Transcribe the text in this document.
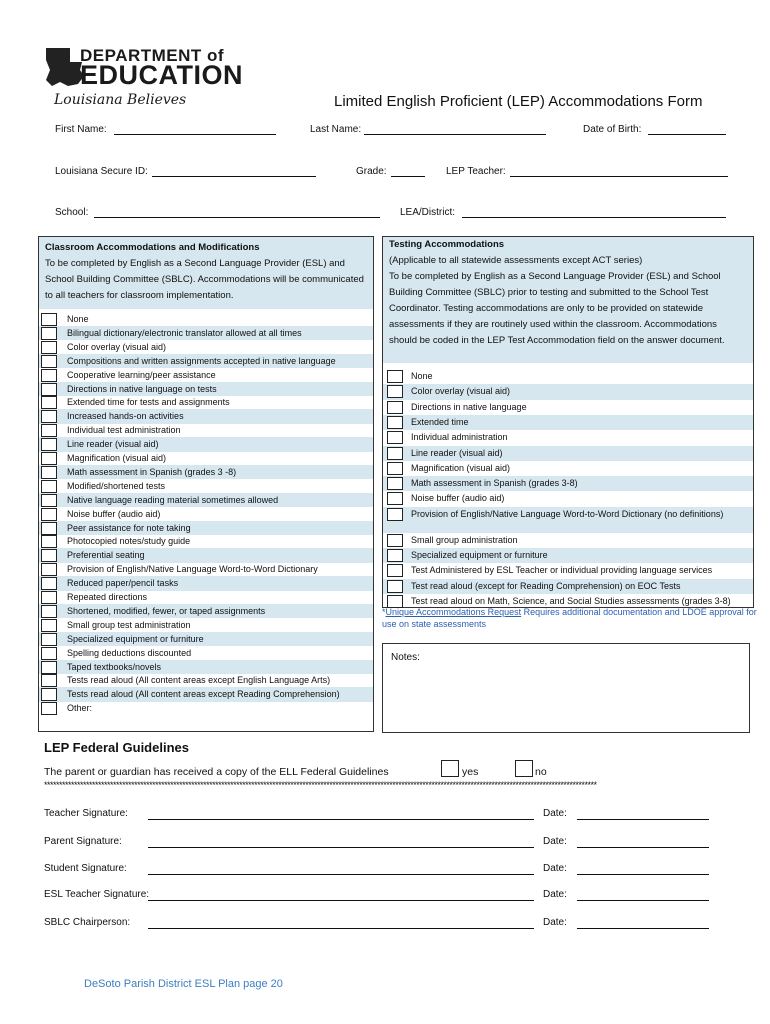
DEPARTMENT of
EDUCATION
Louisiana Believes	Limited English Proficient (LEP) Accommodations Form
First Name:	Last Name:	Date of Birth:
Louisiana Secure ID:	Grade:	LEP Teacher:
School:	LEA/District:
Classroom Accommodations and Modifications
To be completed by English as a Second Language Provider (ESL) and School Building Committee (SBLC). Accommodations will be communicated to all teachers for classroom implementation.
None
Bilingual dictionary/electronic translator allowed at all times
Color overlay (visual aid)
Compositions and written assignments accepted in native language
Cooperative learning/peer assistance
Directions in native language on tests
Extended time for tests and assignments
Increased hands-on activities
Individual test administration
Line reader (visual aid)
Magnification (visual aid)
Math assessment in Spanish (grades 3 -8)
Modified/shortened tests
Native language reading material sometimes allowed
Noise buffer (audio aid)
Peer assistance for note taking
Photocopied notes/study guide
Preferential seating
Provision of English/Native Language Word-to-Word Dictionary
Reduced paper/pencil tasks
Repeated directions
Shortened, modified, fewer, or taped assignments
Small group test administration
Specialized equipment or furniture
Spelling deductions discounted
Taped textbooks/novels
Tests read aloud (All content areas except English Language Arts)
Tests read aloud (All content areas except Reading Comprehension)
Other:
Testing Accommodations
(Applicable to all statewide assessments except ACT series)
To be completed by English as a Second Language Provider (ESL) and School Building Committee (SBLC) prior to testing and submitted to the School Test Coordinator. Testing accommodations are only to be provided on statewide assessments if they are routinely used within the classroom. Accommodations should be coded in the LEP Test Accommodation field on the answer document.
None
Color overlay (visual aid)
Directions in native language
Extended time
Individual administration
Line reader (visual aid)
Magnification (visual aid)
Math assessment in Spanish (grades 3-8)
Noise buffer (audio aid)
Provision of English/Native Language Word-to-Word Dictionary (no definitions)
Small group administration
Specialized equipment or furniture
Test Administered by ESL Teacher or individual providing language services
Test read aloud (except for Reading Comprehension) on EOC Tests
Test read aloud on Math, Science, and Social Studies assessments (grades 3-8)
*Unique Accommodations Request Requires additional documentation and LDOE approval for use on state assessments
Notes:
LEP Federal Guidelines
The parent or guardian has received a copy of the ELL Federal Guidelines	yes	no
****************************************************************************************************************************************************************************************
Teacher Signature:	Date:
Parent Signature:	Date:
Student Signature:	Date:
ESL Teacher Signature:	Date:
SBLC Chairperson:	Date:
DeSoto Parish District ESL Plan page 20
